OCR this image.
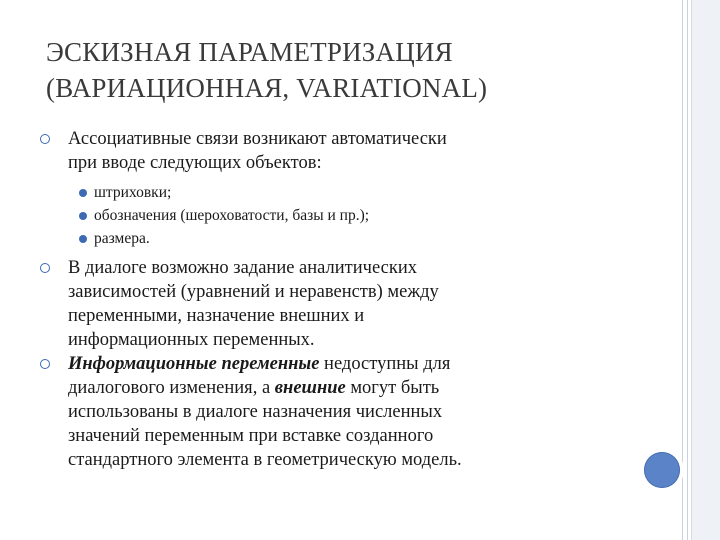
ЭСКИЗНАЯ ПАРАМЕТРИЗАЦИЯ
(ВАРИАЦИОННАЯ, VARIATIONAL)
Ассоциативные связи возникают автоматически
при вводе следующих объектов:
штриховки;
обозначения (шероховатости, базы и пр.);
размера.
В диалоге возможно задание аналитических
зависимостей (уравнений и неравенств) между
переменными, назначение внешних и
информационных переменных.
Информационные переменные недоступны для
диалогового изменения, а внешние могут быть
использованы в диалоге назначения численных
значений переменным при вставке созданного
стандартного элемента в геометрическую модель.
